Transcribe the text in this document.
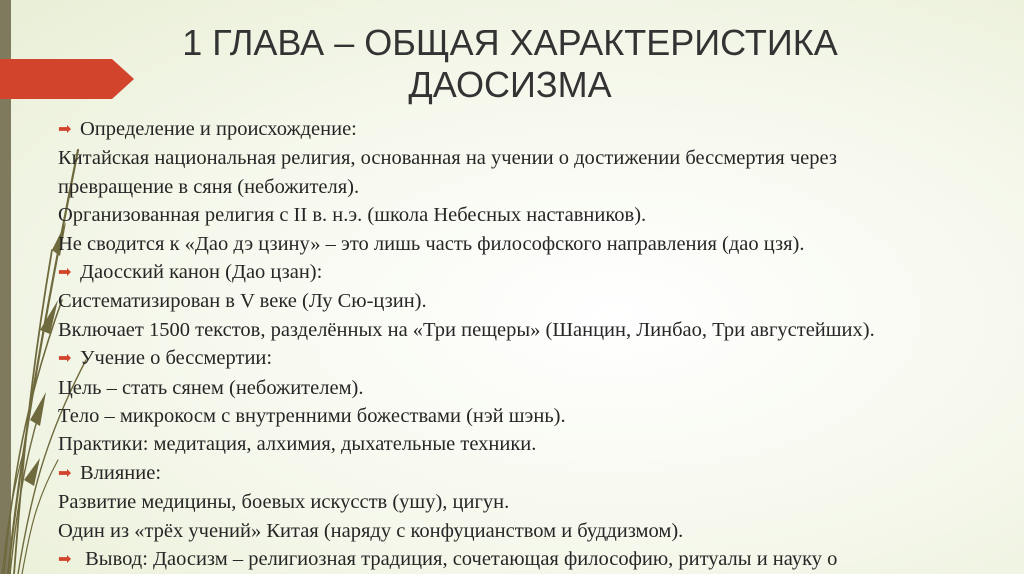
1 ГЛАВА – ОБЩАЯ ХАРАКТЕРИСТИКА
ДАОСИЗМА
➡ Определение и происхождение:
Китайская национальная религия, основанная на учении о достижении бессмертия через
превращение в сяня (небожителя).
Организованная религия с II в. н.э. (школа Небесных наставников).
Не сводится к «Дао дэ цзину» – это лишь часть философского направления (дао цзя).
➡ Даосский канон (Дао цзан):
Систематизирован в V веке (Лу Сю-цзин).
Включает 1500 текстов, разделённых на «Три пещеры» (Шанцин, Линбао, Три августейших).
➡ Учение о бессмертии:
Цель – стать сянем (небожителем).
Тело – микрокосм с внутренними божествами (нэй шэнь).
Практики: медитация, алхимия, дыхательные техники.
➡ Влияние:
Развитие медицины, боевых искусств (ушу), цигун.
Один из «трёх учений» Китая (наряду с конфуцианством и буддизмом).
➡ Вывод: Даосизм – религиозная традиция, сочетающая философию, ритуалы и науку о
